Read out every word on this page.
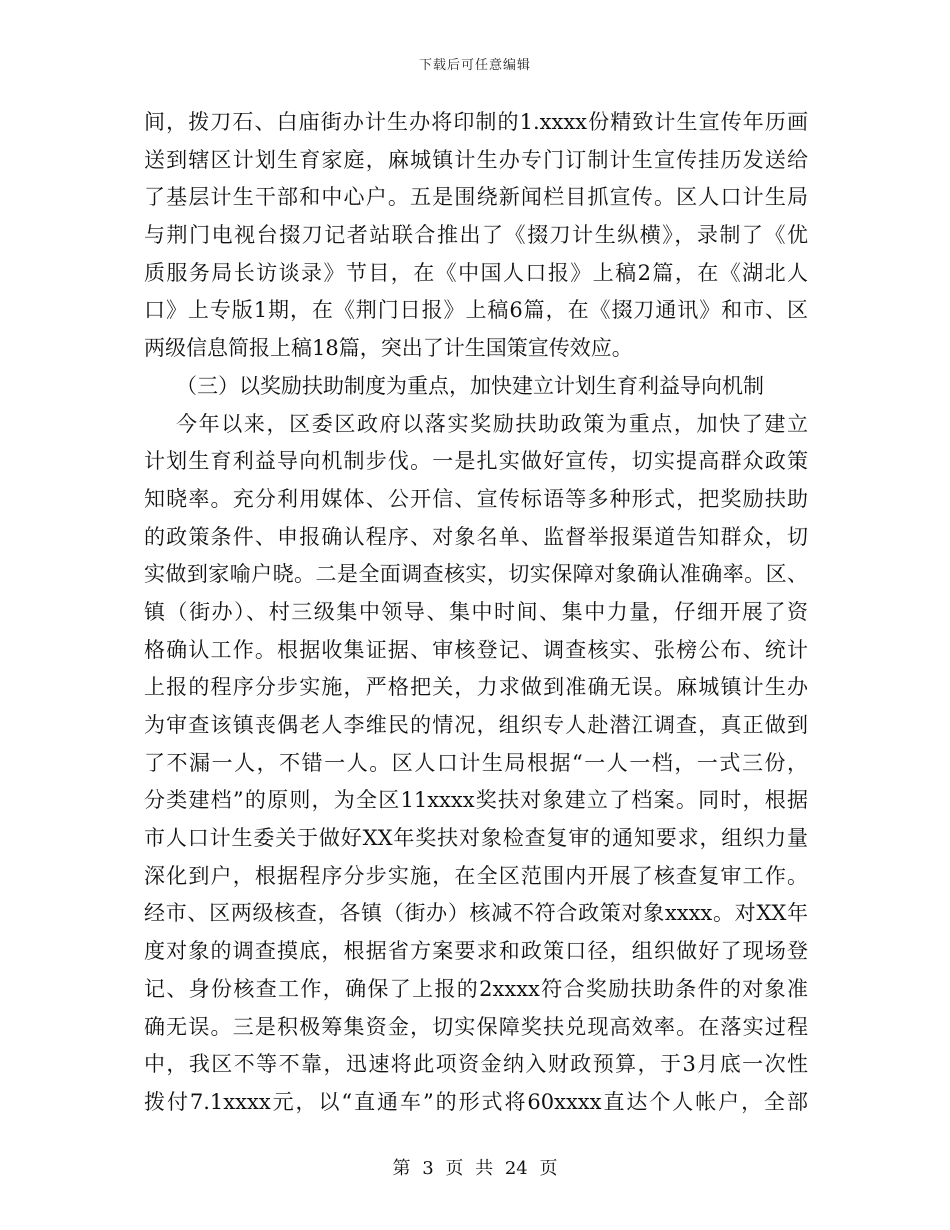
下载后可任意编辑
间，拨刀石、白庙街办计生办将印制的1.xxxx份精致计生宣传年历画
送到辖区计划生育家庭，麻城镇计生办专门订制计生宣传挂历发送给
了基层计生干部和中心户。五是围绕新闻栏目抓宣传。区人口计生局
与荆门电视台掇刀记者站联合推出了《掇刀计生纵横》，录制了《优
质服务局长访谈录》节目，在《中国人口报》上稿2篇，在《湖北人
口》上专版1期，在《荆门日报》上稿6篇，在《掇刀通讯》和市、区
两级信息简报上稿18篇，突出了计生国策宣传效应。
（三）以奖励扶助制度为重点，加快建立计划生育利益导向机制
今年以来，区委区政府以落实奖励扶助政策为重点，加快了建立
计划生育利益导向机制步伐。一是扎实做好宣传，切实提高群众政策
知晓率。充分利用媒体、公开信、宣传标语等多种形式，把奖励扶助
的政策条件、申报确认程序、对象名单、监督举报渠道告知群众，切
实做到家喻户晓。二是全面调查核实，切实保障对象确认准确率。区、
镇（街办）、村三级集中领导、集中时间、集中力量，仔细开展了资
格确认工作。根据收集证据、审核登记、调查核实、张榜公布、统计
上报的程序分步实施，严格把关，力求做到准确无误。麻城镇计生办
为审查该镇丧偶老人李维民的情况，组织专人赴潜江调查，真正做到
了不漏一人，不错一人。区人口计生局根据“一人一档，一式三份，
分类建档”的原则，为全区11xxxx奖扶对象建立了档案。同时，根据
市人口计生委关于做好XX年奖扶对象检查复审的通知要求，组织力量
深化到户，根据程序分步实施，在全区范围内开展了核查复审工作。
经市、区两级核查，各镇（街办）核减不符合政策对象xxxx。对XX年
度对象的调查摸底，根据省方案要求和政策口径，组织做好了现场登
记、身份核查工作，确保了上报的2xxxx符合奖励扶助条件的对象准
确无误。三是积极筹集资金，切实保障奖扶兑现高效率。在落实过程
中，我区不等不靠，迅速将此项资金纳入财政预算，于3月底一次性
拨付7.1xxxx元，以“直通车”的形式将60xxxx直达个人帐户，全部
第 3 页 共 24 页
